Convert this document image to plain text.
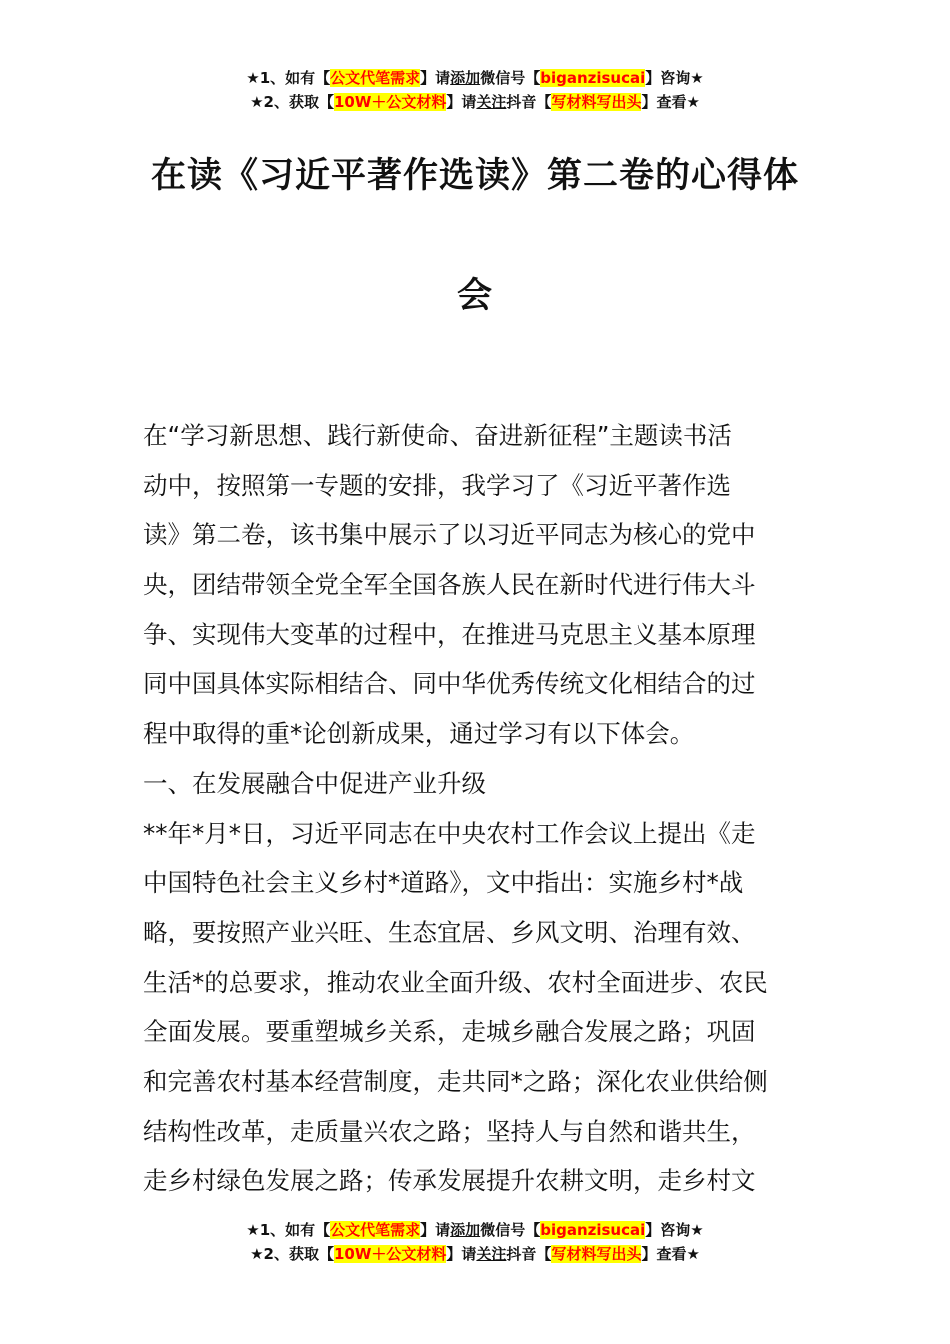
★1、如有【公文代笔需求】请添加微信号【biganzisucai】咨询★
★2、获取【10W＋公文材料】请关注抖音【写材料写出头】查看★
在读《习近平著作选读》第二卷的心得体
会
在“学习新思想、践行新使命、奋进新征程”主题读书活
动中，按照第一专题的安排，我学习了《习近平著作选
读》第二卷，该书集中展示了以习近平同志为核心的党中
央，团结带领全党全军全国各族人民在新时代进行伟大斗
争、实现伟大变革的过程中，在推进马克思主义基本原理
同中国具体实际相结合、同中华优秀传统文化相结合的过
程中取得的重*论创新成果，通过学习有以下体会。
一、在发展融合中促进产业升级
**年*月*日，习近平同志在中央农村工作会议上提出《走
中国特色社会主义乡村*道路》，文中指出：实施乡村*战
略，要按照产业兴旺、生态宜居、乡风文明、治理有效、
生活*的总要求，推动农业全面升级、农村全面进步、农民
全面发展。要重塑城乡关系，走城乡融合发展之路；巩固
和完善农村基本经营制度，走共同*之路；深化农业供给侧
结构性改革，走质量兴农之路；坚持人与自然和谐共生，
走乡村绿色发展之路；传承发展提升农耕文明，走乡村文
★1、如有【公文代笔需求】请添加微信号【biganzisucai】咨询★
★2、获取【10W＋公文材料】请关注抖音【写材料写出头】查看★
